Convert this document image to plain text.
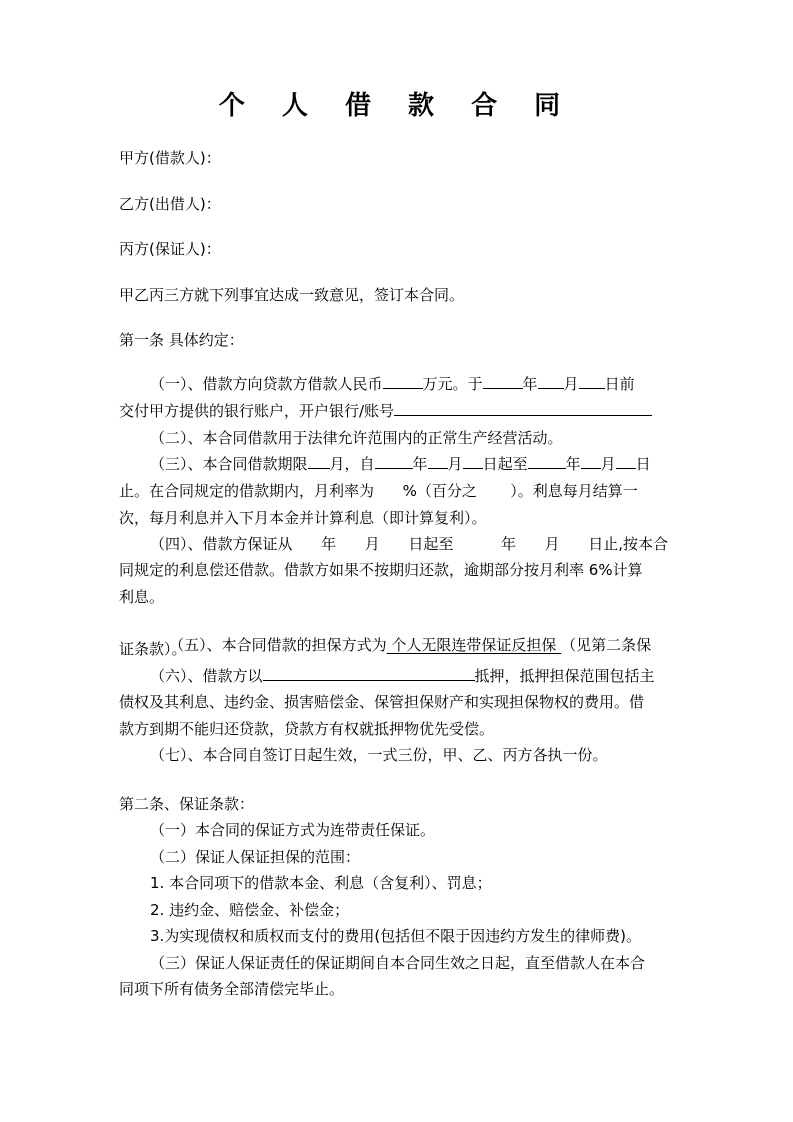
个 人 借 款 合 同
甲方(借款人)：
乙方(出借人)：
丙方(保证人)：
甲乙丙三方就下列事宜达成一致意见，签订本合同。
第一条 具体约定：
（一）、借款方向贷款方借款人民币	万元。于	年 月 日前
交付甲方提供的银行账户，开户银行/账号
（二）、本合同借款用于法律允许范围内的正常生产经营活动。
（三）、本合同借款期限 月，自	年 月 日起至	年 月 日
止。在合同规定的借款期内，月利率为      %（百分之       ）。利息每月结算一
次，每月利息并入下月本金并计算利息（即计算复利）。
（四）、借款方保证从      年      月      日起至          年      月      日止,按本合
同规定的利息偿还借款。借款方如果不按期归还款，逾期部分按月利率 6%计算
利息。

（五）、本合同借款的担保方式为 个人无限连带保证反担保 （见第二条保

证条款）。
（六）、借款方以	抵押，抵押担保范围包括主
债权及其利息、违约金、损害赔偿金、保管担保财产和实现担保物权的费用。借
款方到期不能归还贷款，贷款方有权就抵押物优先受偿。
（七）、本合同自签订日起生效，一式三份，甲、乙、丙方各执一份。
第二条、保证条款：
（一）本合同的保证方式为连带责任保证。
（二）保证人保证担保的范围：
1. 本合同项下的借款本金、利息（含复利）、罚息；
2. 违约金、赔偿金、补偿金；
3.为实现债权和质权而支付的费用(包括但不限于因违约方发生的律师费)。
（三）保证人保证责任的保证期间自本合同生效之日起，直至借款人在本合
同项下所有债务全部清偿完毕止。
